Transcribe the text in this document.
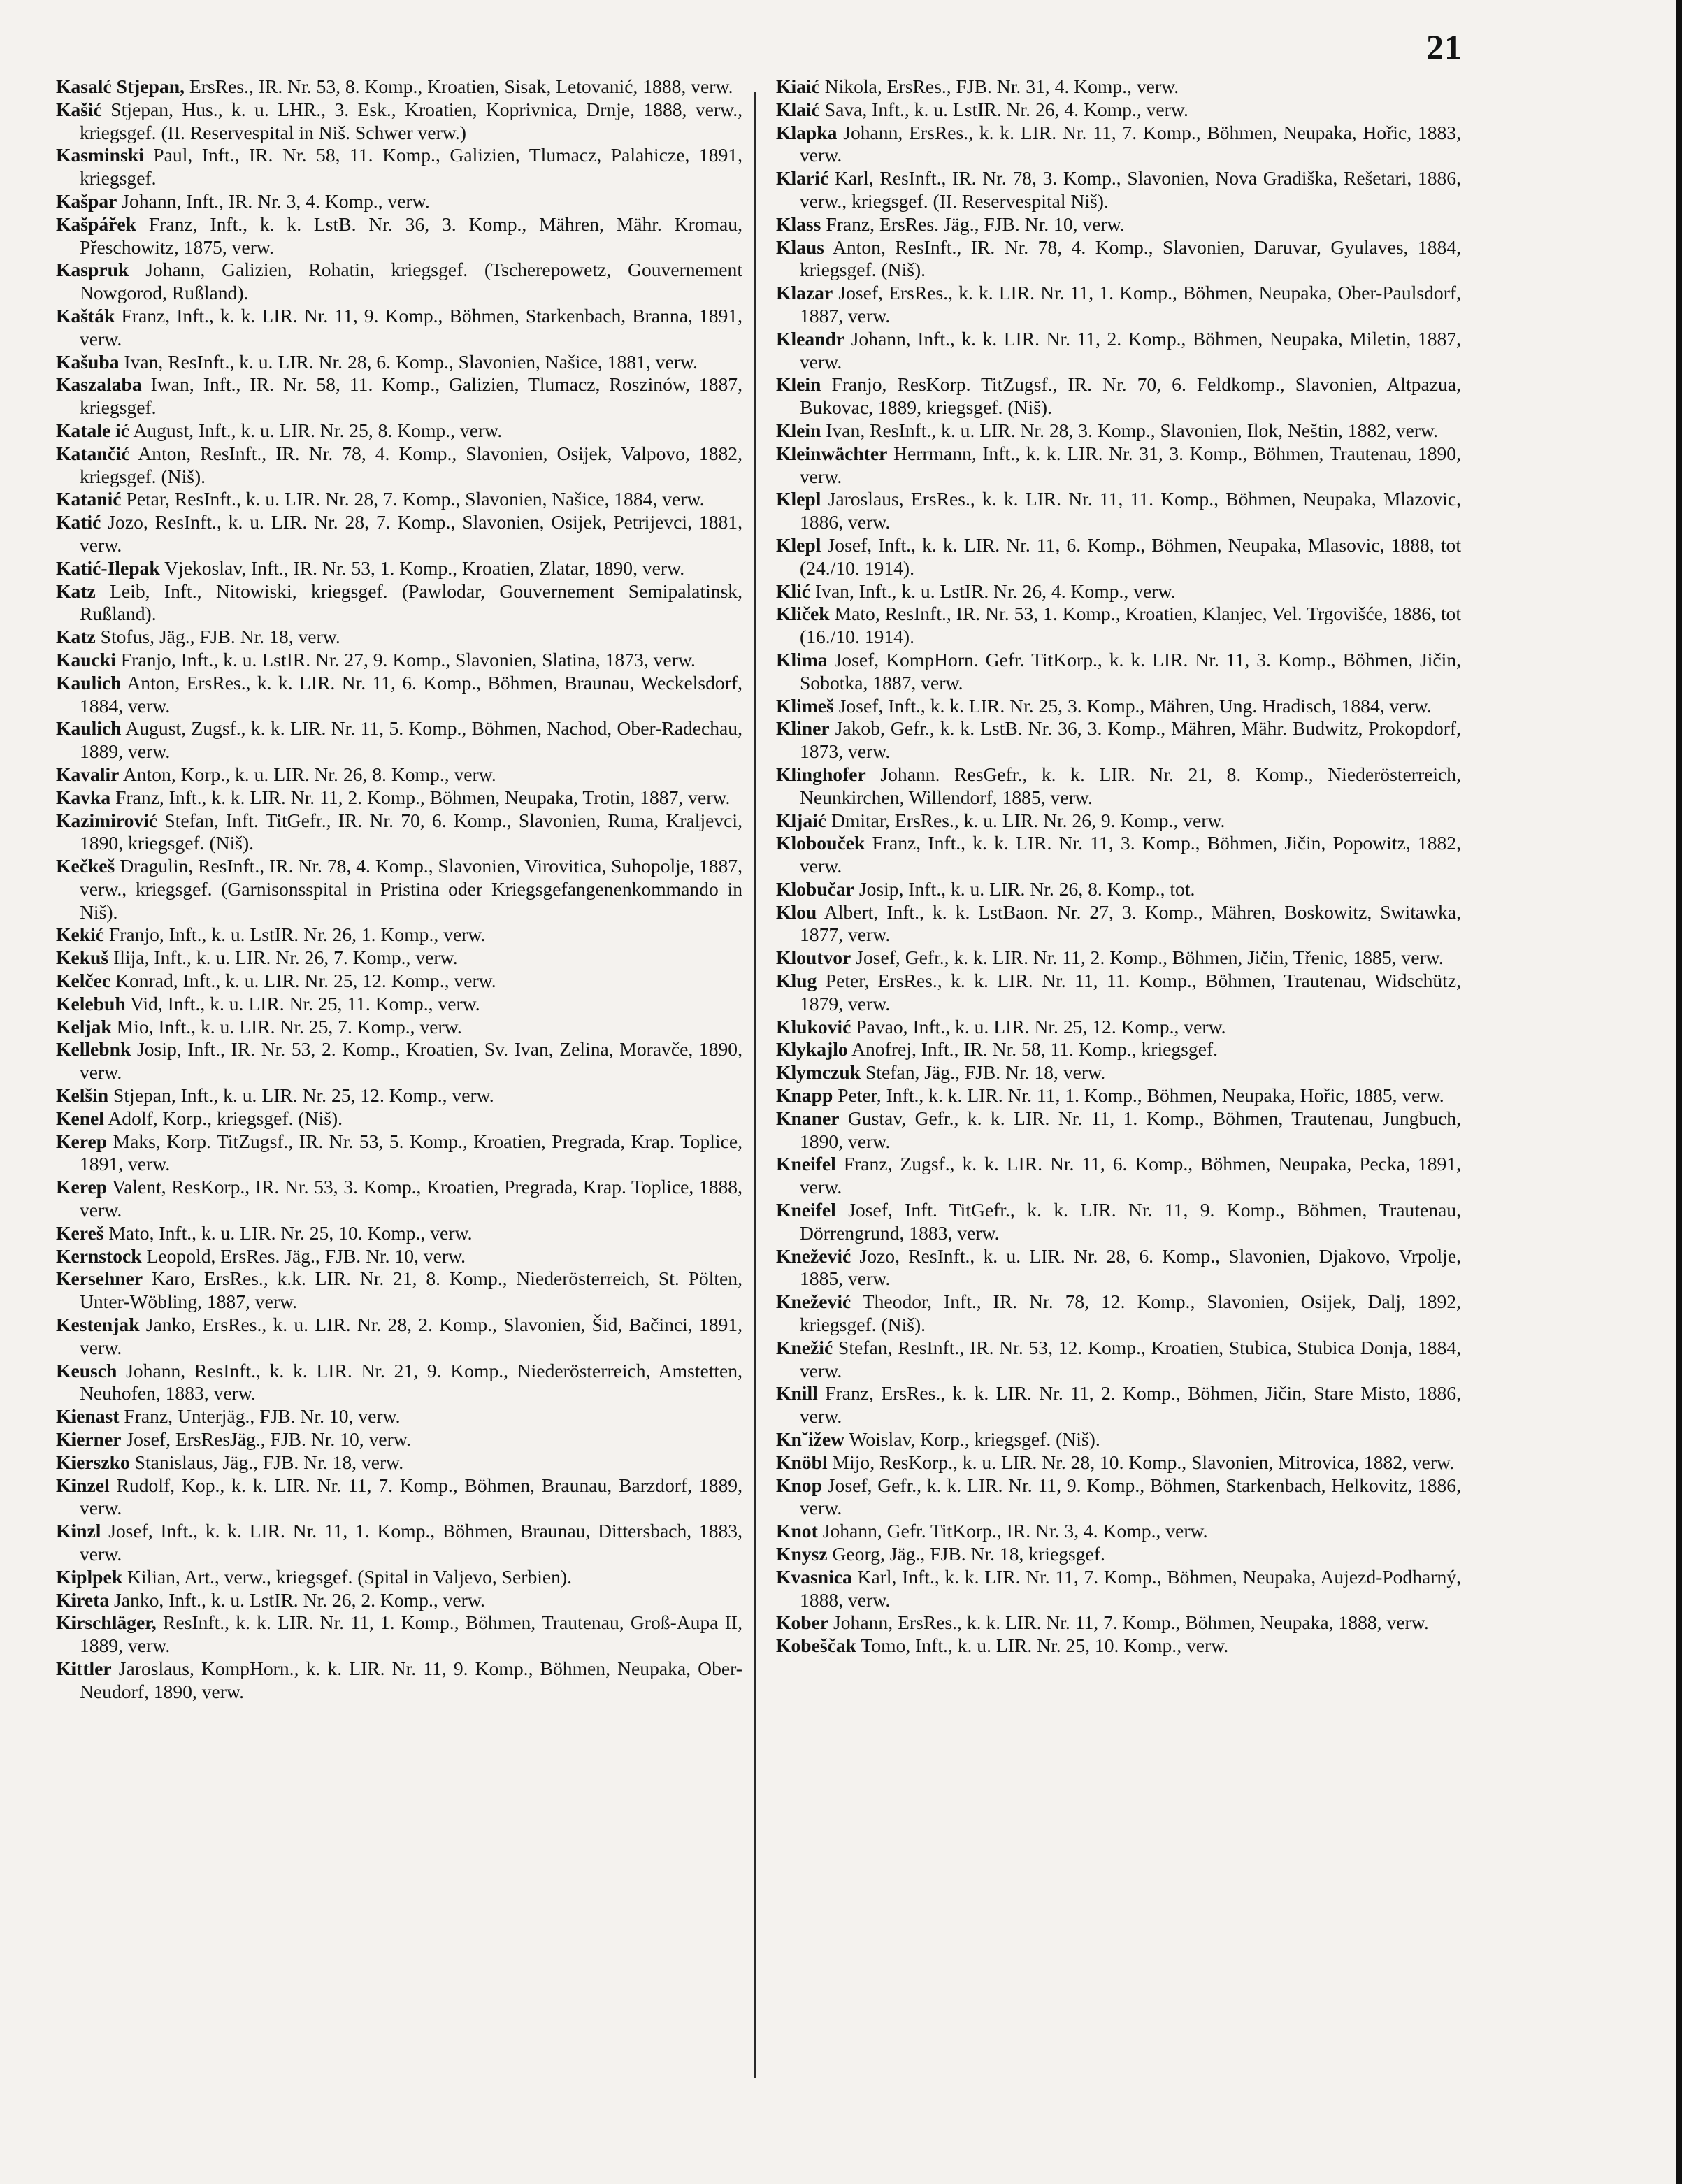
21
Kasalć Stjepan, ErsRes., IR. Nr. 53, 8. Komp., Kroatien, Sisak, Letovanić, 1888, verw.
Kašić Stjepan, Hus., k. u. LHR., 3. Esk., Kroatien, Koprivnica, Drnje, 1888, verw., kriegsgef. (II. Reservespital in Niš. Schwer verw.)
Kasminski Paul, Inft., IR. Nr. 58, 11. Komp., Galizien, Tlumacz, Palahicze, 1891, kriegsgef.
Kašpar Johann, Inft., IR. Nr. 3, 4. Komp., verw.
Kašpářek Franz, Inft., k. k. LstB. Nr. 36, 3. Komp., Mähren, Mähr. Kromau, Přeschowitz, 1875, verw.
Kaspruk Johann, Galizien, Rohatin, kriegsgef. (Tscherepowetz, Gouvernement Nowgorod, Rußland).
Kašták Franz, Inft., k. k. LIR. Nr. 11, 9. Komp., Böhmen, Starkenbach, Branna, 1891, verw.
Kašuba Ivan, ResInft., k. u. LIR. Nr. 28, 6. Komp., Slavonien, Našice, 1881, verw.
Kaszalaba Iwan, Inft., IR. Nr. 58, 11. Komp., Galizien, Tlumacz, Roszinów, 1887, kriegsgef.
Katale ić August, Inft., k. u. LIR. Nr. 25, 8. Komp., verw.
Katančić Anton, ResInft., IR. Nr. 78, 4. Komp., Slavonien, Osijek, Valpovo, 1882, kriegsgef. (Niš).
Katanić Petar, ResInft., k. u. LIR. Nr. 28, 7. Komp., Slavonien, Našice, 1884, verw.
Katić Jozo, ResInft., k. u. LIR. Nr. 28, 7. Komp., Slavonien, Osijek, Petrijevci, 1881, verw.
Katić-Ilepak Vjekoslav, Inft., IR. Nr. 53, 1. Komp., Kroatien, Zlatar, 1890, verw.
Katz Leib, Inft., Nitowiski, kriegsgef. (Pawlodar, Gouvernement Semipalatinsk, Rußland).
Katz Stofus, Jäg., FJB. Nr. 18, verw.
Kaucki Franjo, Inft., k. u. LstIR. Nr. 27, 9. Komp., Slavonien, Slatina, 1873, verw.
Kaulich Anton, ErsRes., k. k. LIR. Nr. 11, 6. Komp., Böhmen, Braunau, Weckelsdorf, 1884, verw.
Kaulich August, Zugsf., k. k. LIR. Nr. 11, 5. Komp., Böhmen, Nachod, Ober-Radechau, 1889, verw.
Kavalir Anton, Korp., k. u. LIR. Nr. 26, 8. Komp., verw.
Kavka Franz, Inft., k. k. LIR. Nr. 11, 2. Komp., Böhmen, Neupaka, Trotin, 1887, verw.
Kazimirović Stefan, Inft. TitGefr., IR. Nr. 70, 6. Komp., Slavonien, Ruma, Kraljevci, 1890, kriegsgef. (Niš).
Kečkeš Dragulin, ResInft., IR. Nr. 78, 4. Komp., Slavonien, Virovitica, Suhopolje, 1887, verw., kriegsgef. (Garnisonsspital in Pristina oder Kriegsgefangenenkommando in Niš).
Kekić Franjo, Inft., k. u. LstIR. Nr. 26, 1. Komp., verw.
Kekuš Ilija, Inft., k. u. LIR. Nr. 26, 7. Komp., verw.
Kelčec Konrad, Inft., k. u. LIR. Nr. 25, 12. Komp., verw.
Kelebuh Vid, Inft., k. u. LIR. Nr. 25, 11. Komp., verw.
Keljak Mio, Inft., k. u. LIR. Nr. 25, 7. Komp., verw.
Kellebnk Josip, Inft., IR. Nr. 53, 2. Komp., Kroatien, Sv. Ivan, Zelina, Moravče, 1890, verw.
Kelšin Stjepan, Inft., k. u. LIR. Nr. 25, 12. Komp., verw.
Kenel Adolf, Korp., kriegsgef. (Niš).
Kerep Maks, Korp. TitZugsf., IR. Nr. 53, 5. Komp., Kroatien, Pregrada, Krap. Toplice, 1891, verw.
Kerep Valent, ResKorp., IR. Nr. 53, 3. Komp., Kroatien, Pregrada, Krap. Toplice, 1888, verw.
Kereš Mato, Inft., k. u. LIR. Nr. 25, 10. Komp., verw.
Kernstock Leopold, ErsRes. Jäg., FJB. Nr. 10, verw.
Kersehner Karo, ErsRes., k.k. LIR. Nr. 21, 8. Komp., Niederösterreich, St. Pölten, Unter-Wöbling, 1887, verw.
Kestenjak Janko, ErsRes., k. u. LIR. Nr. 28, 2. Komp., Slavonien, Šid, Bačinci, 1891, verw.
Keusch Johann, ResInft., k. k. LIR. Nr. 21, 9. Komp., Niederösterreich, Amstetten, Neuhofen, 1883, verw.
Kienast Franz, Unterjäg., FJB. Nr. 10, verw.
Kierner Josef, ErsResJäg., FJB. Nr. 10, verw.
Kierszko Stanislaus, Jäg., FJB. Nr. 18, verw.
Kinzel Rudolf, Kop., k. k. LIR. Nr. 11, 7. Komp., Böhmen, Braunau, Barzdorf, 1889, verw.
Kinzl Josef, Inft., k. k. LIR. Nr. 11, 1. Komp., Böhmen, Braunau, Dittersbach, 1883, verw.
Kiplpek Kilian, Art., verw., kriegsgef. (Spital in Valjevo, Serbien).
Kireta Janko, Inft., k. u. LstIR. Nr. 26, 2. Komp., verw.
Kirschläger, ResInft., k. k. LIR. Nr. 11, 1. Komp., Böhmen, Trautenau, Groß-Aupa II, 1889, verw.
Kittler Jaroslaus, KompHorn., k. k. LIR. Nr. 11, 9. Komp., Böhmen, Neupaka, Ober-Neudorf, 1890, verw.
Kiaić Nikola, ErsRes., FJB. Nr. 31, 4. Komp., verw.
Klaić Sava, Inft., k. u. LstIR. Nr. 26, 4. Komp., verw.
Klapka Johann, ErsRes., k. k. LIR. Nr. 11, 7. Komp., Böhmen, Neupaka, Hořic, 1883, verw.
Klarić Karl, ResInft., IR. Nr. 78, 3. Komp., Slavonien, Nova Gradiška, Rešetari, 1886, verw., kriegsgef. (II. Reservespital Niš).
Klass Franz, ErsRes. Jäg., FJB. Nr. 10, verw.
Klaus Anton, ResInft., IR. Nr. 78, 4. Komp., Slavonien, Daruvar, Gyulaves, 1884, kriegsgef. (Niš).
Klazar Josef, ErsRes., k. k. LIR. Nr. 11, 1. Komp., Böhmen, Neupaka, Ober-Paulsdorf, 1887, verw.
Kleandr Johann, Inft., k. k. LIR. Nr. 11, 2. Komp., Böhmen, Neupaka, Miletin, 1887, verw.
Klein Franjo, ResKorp. TitZugsf., IR. Nr. 70, 6. Feldkomp., Slavonien, Altpazua, Bukovac, 1889, kriegsgef. (Niš).
Klein Ivan, ResInft., k. u. LIR. Nr. 28, 3. Komp., Slavonien, Ilok, Neštin, 1882, verw.
Kleinwächter Herrmann, Inft., k. k. LIR. Nr. 31, 3. Komp., Böhmen, Trautenau, 1890, verw.
Klepl Jaroslaus, ErsRes., k. k. LIR. Nr. 11, 11. Komp., Böhmen, Neupaka, Mlazovic, 1886, verw.
Klepl Josef, Inft., k. k. LIR. Nr. 11, 6. Komp., Böhmen, Neupaka, Mlasovic, 1888, tot (24./10. 1914).
Klić Ivan, Inft., k. u. LstIR. Nr. 26, 4. Komp., verw.
Kliček Mato, ResInft., IR. Nr. 53, 1. Komp., Kroatien, Klanjec, Vel. Trgovišće, 1886, tot (16./10. 1914).
Klima Josef, KompHorn. Gefr. TitKorp., k. k. LIR. Nr. 11, 3. Komp., Böhmen, Jičin, Sobotka, 1887, verw.
Klimeš Josef, Inft., k. k. LIR. Nr. 25, 3. Komp., Mähren, Ung. Hradisch, 1884, verw.
Kliner Jakob, Gefr., k. k. LstB. Nr. 36, 3. Komp., Mähren, Mähr. Budwitz, Prokopdorf, 1873, verw.
Klinghofer Johann. ResGefr., k. k. LIR. Nr. 21, 8. Komp., Niederösterreich, Neunkirchen, Willendorf, 1885, verw.
Kljaić Dmitar, ErsRes., k. u. LIR. Nr. 26, 9. Komp., verw.
Klobouček Franz, Inft., k. k. LIR. Nr. 11, 3. Komp., Böhmen, Jičin, Popowitz, 1882, verw.
Klobučar Josip, Inft., k. u. LIR. Nr. 26, 8. Komp., tot.
Klou Albert, Inft., k. k. LstBaon. Nr. 27, 3. Komp., Mähren, Boskowitz, Switawka, 1877, verw.
Kloutvor Josef, Gefr., k. k. LIR. Nr. 11, 2. Komp., Böhmen, Jičin, Třenic, 1885, verw.
Klug Peter, ErsRes., k. k. LIR. Nr. 11, 11. Komp., Böhmen, Trautenau, Widschütz, 1879, verw.
Kluković Pavao, Inft., k. u. LIR. Nr. 25, 12. Komp., verw.
Klykajlo Anofrej, Inft., IR. Nr. 58, 11. Komp., kriegsgef.
Klymczuk Stefan, Jäg., FJB. Nr. 18, verw.
Knapp Peter, Inft., k. k. LIR. Nr. 11, 1. Komp., Böhmen, Neupaka, Hořic, 1885, verw.
Knaner Gustav, Gefr., k. k. LIR. Nr. 11, 1. Komp., Böhmen, Trautenau, Jungbuch, 1890, verw.
Kneifel Franz, Zugsf., k. k. LIR. Nr. 11, 6. Komp., Böhmen, Neupaka, Pecka, 1891, verw.
Kneifel Josef, Inft. TitGefr., k. k. LIR. Nr. 11, 9. Komp., Böhmen, Trautenau, Dörrengrund, 1883, verw.
Knežević Jozo, ResInft., k. u. LIR. Nr. 28, 6. Komp., Slavonien, Djakovo, Vrpolje, 1885, verw.
Knežević Theodor, Inft., IR. Nr. 78, 12. Komp., Slavonien, Osijek, Dalj, 1892, kriegsgef. (Niš).
Knežić Stefan, ResInft., IR. Nr. 53, 12. Komp., Kroatien, Stubica, Stubica Donja, 1884, verw.
Knill Franz, ErsRes., k. k. LIR. Nr. 11, 2. Komp., Böhmen, Jičin, Stare Misto, 1886, verw.
Knˇižew Woislav, Korp., kriegsgef. (Niš).
Knöbl Mijo, ResKorp., k. u. LIR. Nr. 28, 10. Komp., Slavonien, Mitrovica, 1882, verw.
Knop Josef, Gefr., k. k. LIR. Nr. 11, 9. Komp., Böhmen, Starkenbach, Helkovitz, 1886, verw.
Knot Johann, Gefr. TitKorp., IR. Nr. 3, 4. Komp., verw.
Knysz Georg, Jäg., FJB. Nr. 18, kriegsgef.
Kvasnica Karl, Inft., k. k. LIR. Nr. 11, 7. Komp., Böhmen, Neupaka, Aujezd-Podharný, 1888, verw.
Kober Johann, ErsRes., k. k. LIR. Nr. 11, 7. Komp., Böhmen, Neupaka, 1888, verw.
Kobeščak Tomo, Inft., k. u. LIR. Nr. 25, 10. Komp., verw.
